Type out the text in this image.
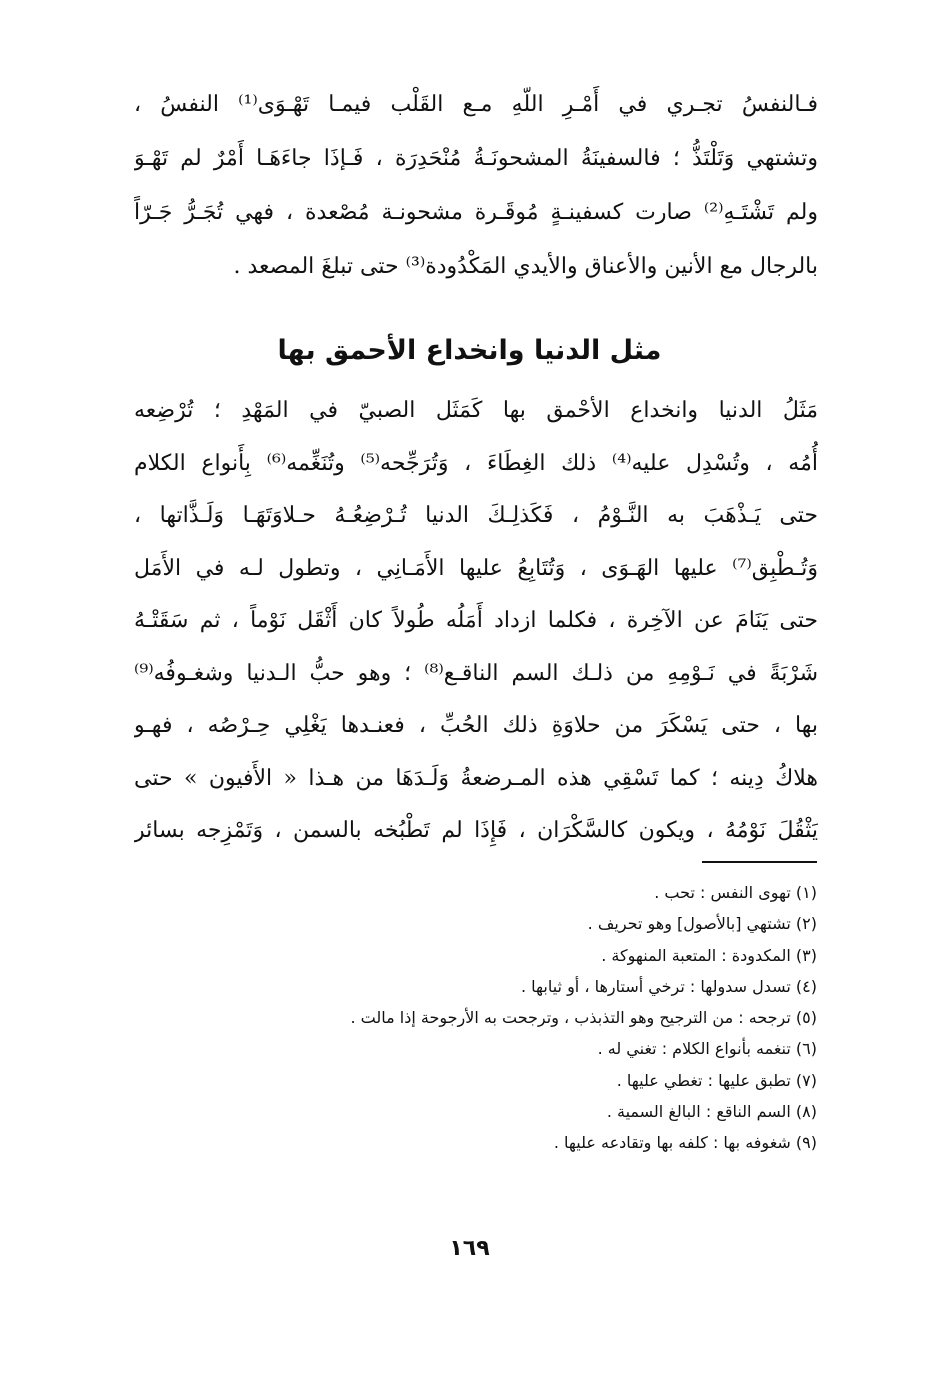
فـالنفسُ تجـري في أَمْـرِ اللّهِ مـع القَلْب فيمـا تَهْـوَى⁽¹⁾ النفسُ ،
وتشتهي وَتَلْتَذُّ ؛ فالسفينَةُ المشحونَـةُ مُنْحَدِرَة ، فَـإذَا جاءَهَـا أَمْرٌ لم تَهْـوَ
ولم تَشْتَـهِ⁽²⁾ صارت كسفينـةٍ مُوقَـرة مشحونـة مُصْعدة ، فهي تُجَـرُّ جَـرّاً
بالرجال مع الأنين والأعناق والأيدي المَكْدُودة⁽³⁾ حتى تبلغَ المصعد .
مثل الدنيا وانخداع الأحمق بها
مَثَلُ الدنيا وانخداع الأحْمق بها كَمَثَل الصبيّ في المَهْدِ ؛ تُرْضِعه
أُمُه ، وتُسْدِل عليه⁽⁴⁾ ذلك الغِطَاءَ ، وَتُرَجِّحه⁽⁵⁾ وتُنَغِّمه⁽⁶⁾ بِأَنواع الكلام
حتى يَـذْهَبَ به النَّـوْمُ ، فَكَذلِـكَ الدنيا تُـرْضِعُـهُ حـلاوَتَهَـا وَلَـذَّاتها ،
وَتُـطْبِق⁽⁷⁾ عليها الهَـوَى ، وَتُتَابِعُ عليها الأَمَـانِي ، وتطول لـه في الأَمَل
حتى يَنَامَ عن الآخِرة ، فكلما ازداد أَمَلُه طُولاً كان أَثْقَل نَوْماً ، ثم سَقَتْـهُ
شَرْبَةً في نَـوْمِهِ من ذلـك السم الناقـع⁽⁸⁾ ؛ وهو حبُّ الـدنيا وشغـوفُه⁽⁹⁾
بها ، حتى يَسْكَرَ من حلاوَةِ ذلك الحُبِّ ، فعنـدها يَغْلِي حِـرْصُه ، فهـو
هلاكُ دِينه ؛ كما تَسْقِي هذه المـرضعةُ وَلَـدَهَا من هـذا « الأَفيون » حتى
يَثْقُلَ نَوْمُهُ ، ويكون كالسَّكْرَان ، فَإِذَا لم تَطْبُخه بالسمن ، وَتَمْزِجه بسائر
(١) تهوى النفس : تحب .
(٢) تشتهي [بالأصول] وهو تحريف .
(٣) المكدودة : المتعبة المنهوكة .
(٤) تسدل سدولها : ترخي أستارها ، أو ثيابها .
(٥) ترجحه : من الترجيح وهو التذبذب ، وترجحت به الأرجوحة إذا مالت .
(٦) تنغمه بأنواع الكلام : تغني له .
(٧) تطبق عليها : تغطي عليها .
(٨) السم الناقع : البالغ السمية .
(٩) شغوفه بها : كلفه بها وتقادعه عليها .
١٦٩
